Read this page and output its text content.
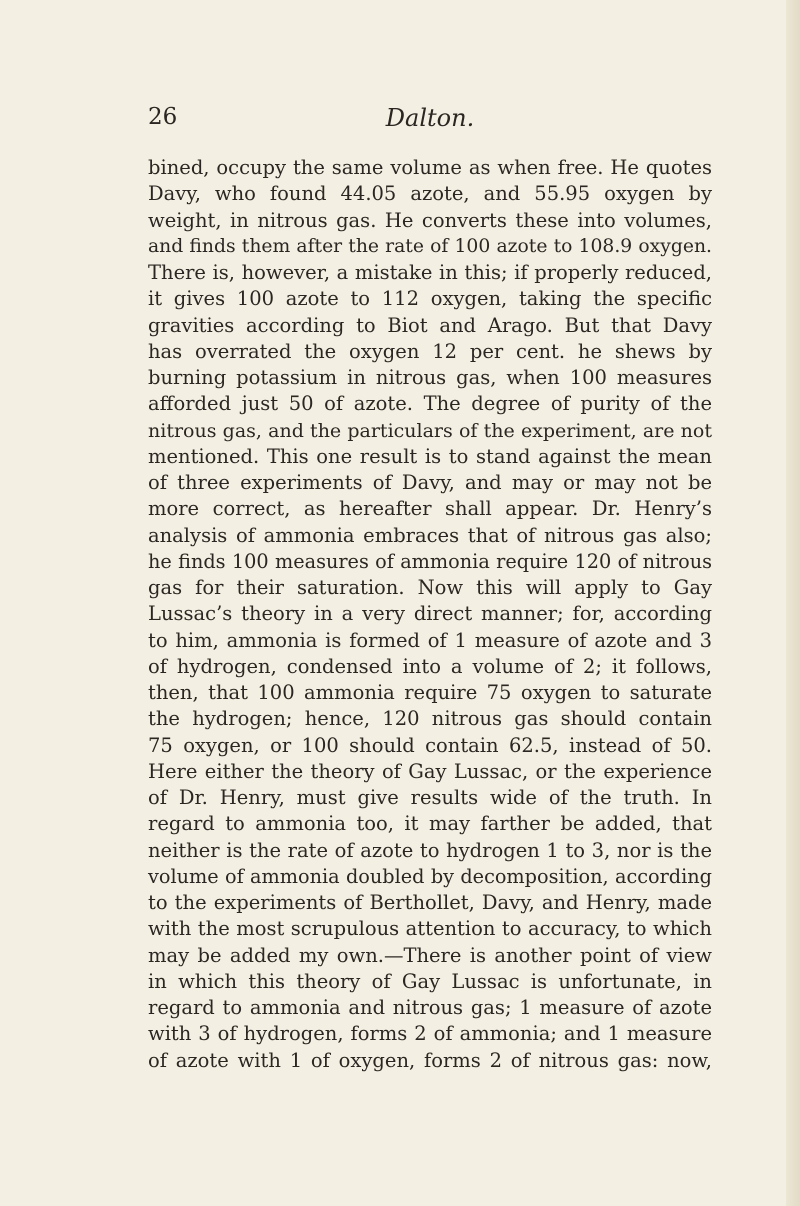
26	Dalton.
bined, occupy the same volume as when free. He quotes
Davy, who found 44.05 azote, and 55.95 oxygen by
weight, in nitrous gas. He converts these into volumes,
and finds them after the rate of 100 azote to 108.9 oxygen.
There is, however, a mistake in this; if properly reduced,
it gives 100 azote to 112 oxygen, taking the specific
gravities according to Biot and Arago. But that Davy
has overrated the oxygen 12 per cent. he shews by
burning potassium in nitrous gas, when 100 measures
afforded just 50 of azote. The degree of purity of the
nitrous gas, and the particulars of the experiment, are not
mentioned. This one result is to stand against the mean
of three experiments of Davy, and may or may not be
more correct, as hereafter shall appear. Dr. Henry’s
analysis of ammonia embraces that of nitrous gas also;
he finds 100 measures of ammonia require 120 of nitrous
gas for their saturation. Now this will apply to Gay
Lussac’s theory in a very direct manner; for, according
to him, ammonia is formed of 1 measure of azote and 3
of hydrogen, condensed into a volume of 2; it follows,
then, that 100 ammonia require 75 oxygen to saturate
the hydrogen; hence, 120 nitrous gas should contain
75 oxygen, or 100 should contain 62.5, instead of 50.
Here either the theory of Gay Lussac, or the experience
of Dr. Henry, must give results wide of the truth. In
regard to ammonia too, it may farther be added, that
neither is the rate of azote to hydrogen 1 to 3, nor is the
volume of ammonia doubled by decomposition, according
to the experiments of Berthollet, Davy, and Henry, made
with the most scrupulous attention to accuracy, to which
may be added my own.—There is another point of view
in which this theory of Gay Lussac is unfortunate, in
regard to ammonia and nitrous gas; 1 measure of azote
with 3 of hydrogen, forms 2 of ammonia; and 1 measure
of azote with 1 of oxygen, forms 2 of nitrous gas: now,
